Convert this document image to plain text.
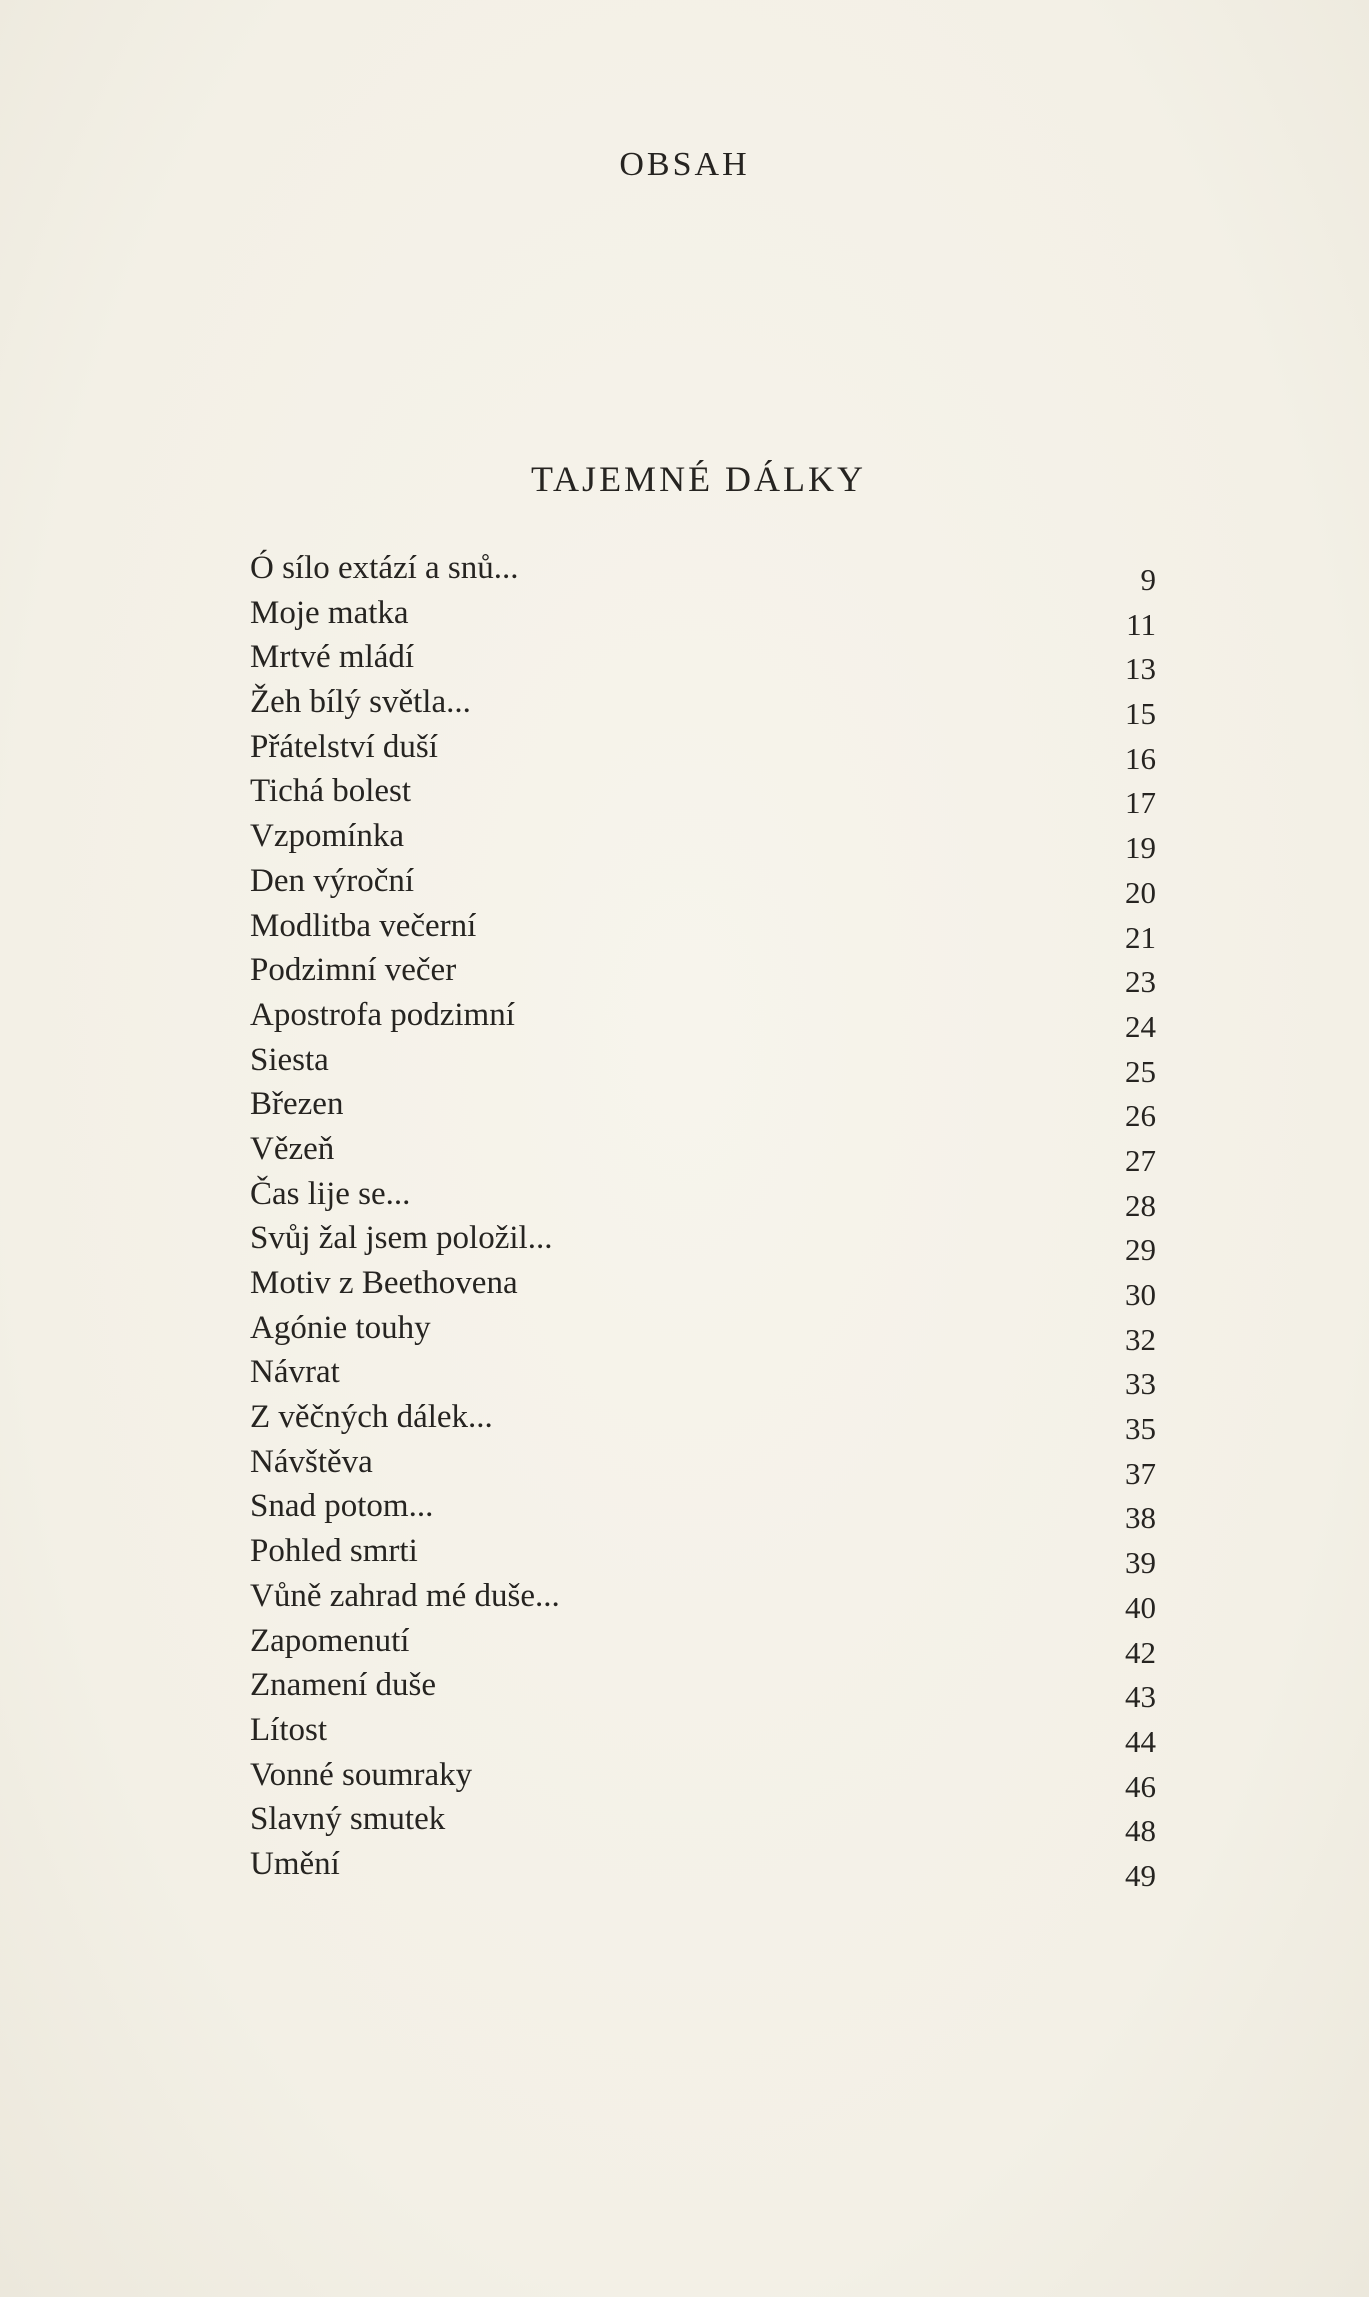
OBSAH
TAJEMNÉ DÁLKY
Ó sílo extází a snů...	9
Moje matka	11
Mrtvé mládí	13
Žeh bílý světla...	15
Přátelství duší	16
Tichá bolest	17
Vzpomínka	19
Den výroční	20
Modlitba večerní	21
Podzimní večer	23
Apostrofa podzimní	24
Siesta	25
Březen	26
Vězeň	27
Čas lije se...	28
Svůj žal jsem položil...	29
Motiv z Beethovena	30
Agónie touhy	32
Návrat	33
Z věčných dálek...	35
Návštěva	37
Snad potom...	38
Pohled smrti	39
Vůně zahrad mé duše...	40
Zapomenutí	42
Znamení duše	43
Lítost	44
Vonné soumraky	46
Slavný smutek	48
Umění	49
